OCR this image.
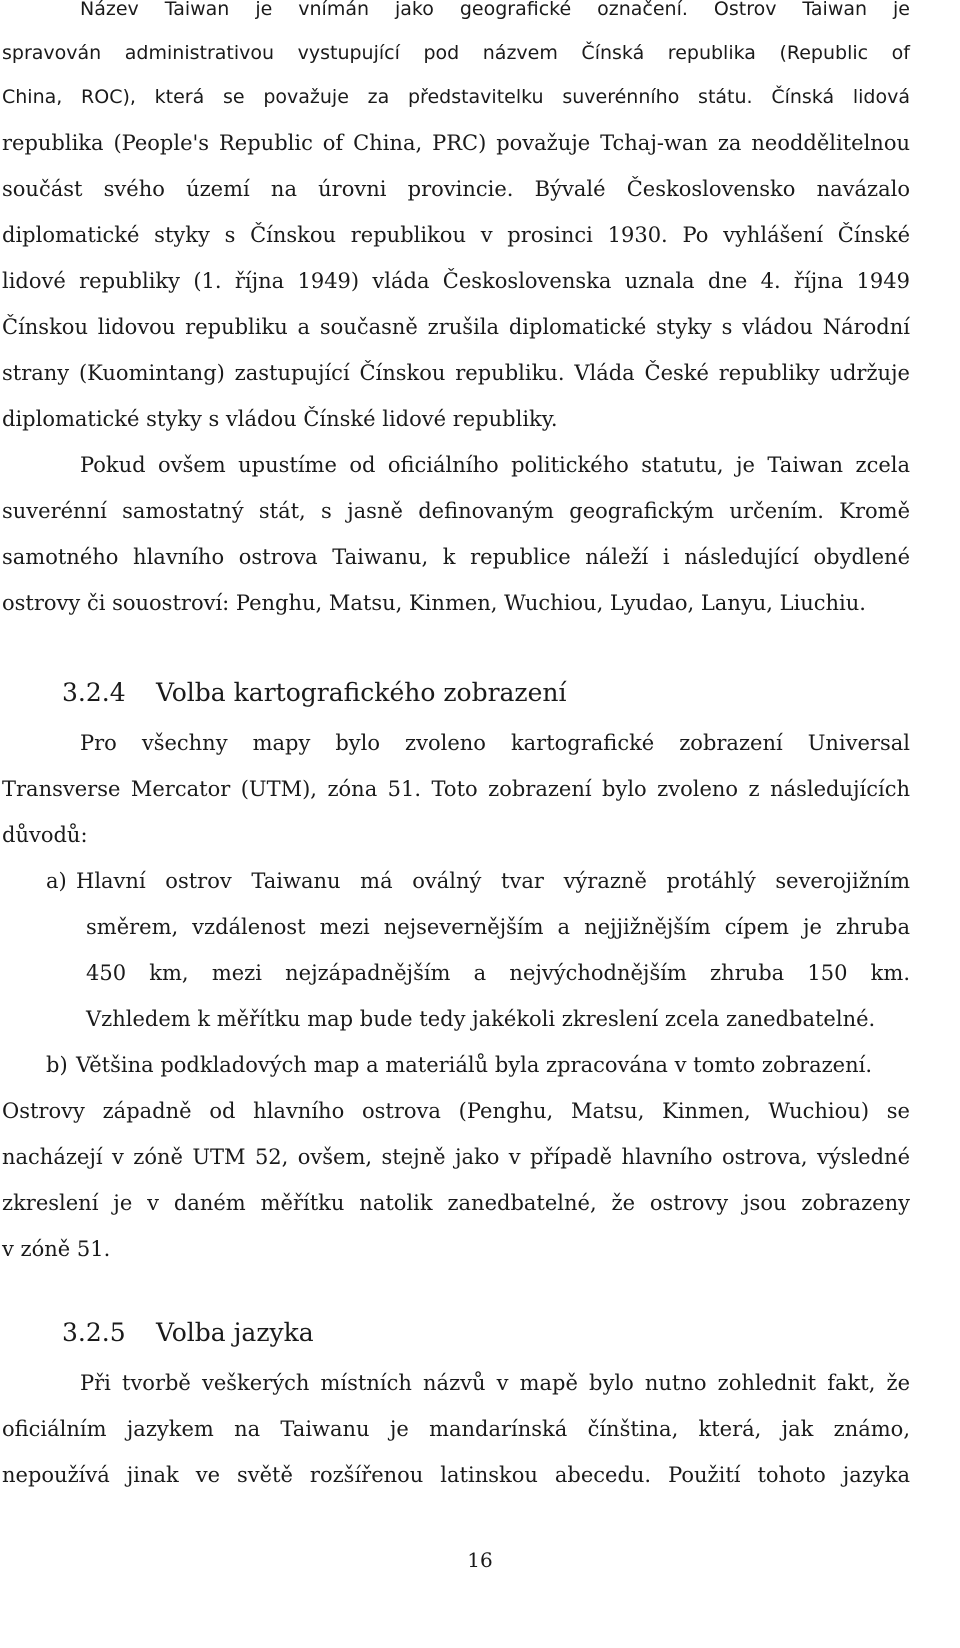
Název Taiwan je vnímán jako geografické označení. Ostrov Taiwan je
spravován administrativou vystupující pod názvem Čínská republika (Republic of
China, ROC), která se považuje za představitelku suverénního státu. Čínská lidová
republika (People's Republic of China, PRC) považuje Tchaj-wan za neoddělitelnou
součást svého území na úrovni provincie. Bývalé Československo navázalo
diplomatické styky s Čínskou republikou v prosinci 1930. Po vyhlášení Čínské
lidové republiky (1. října 1949) vláda Československa uznala dne 4. října 1949
Čínskou lidovou republiku a současně zrušila diplomatické styky s vládou Národní
strany (Kuomintang) zastupující Čínskou republiku. Vláda České republiky udržuje
diplomatické styky s vládou Čínské lidové republiky.
Pokud ovšem upustíme od oficiálního politického statutu, je Taiwan zcela
suverénní samostatný stát, s jasně definovaným geografickým určením. Kromě
samotného hlavního ostrova Taiwanu, k republice náleží i následující obydlené
ostrovy či souostroví: Penghu, Matsu, Kinmen, Wuchiou, Lyudao, Lanyu, Liuchiu.
3.2.4 Volba kartografického zobrazení
Pro všechny mapy bylo zvoleno kartografické zobrazení Universal
Transverse Mercator (UTM), zóna 51. Toto zobrazení bylo zvoleno z následujících
důvodů:
a) Hlavní ostrov Taiwanu má oválný tvar výrazně protáhlý severojižním
směrem, vzdálenost mezi nejsevernějším a nejjižnějším cípem je zhruba
450 km, mezi nejzápadnějším a nejvýchodnějším zhruba 150 km.
Vzhledem k měřítku map bude tedy jakékoli zkreslení zcela zanedbatelné.
b) Většina podkladových map a materiálů byla zpracována v tomto zobrazení.
Ostrovy západně od hlavního ostrova (Penghu, Matsu, Kinmen, Wuchiou) se
nacházejí v zóně UTM 52, ovšem, stejně jako v případě hlavního ostrova, výsledné
zkreslení je v daném měřítku natolik zanedbatelné, že ostrovy jsou zobrazeny
v zóně 51.
3.2.5 Volba jazyka
Při tvorbě veškerých místních názvů v mapě bylo nutno zohlednit fakt, že
oficiálním jazykem na Taiwanu je mandarínská čínština, která, jak známo,
nepoužívá jinak ve světě rozšířenou latinskou abecedu. Použití tohoto jazyka
16
